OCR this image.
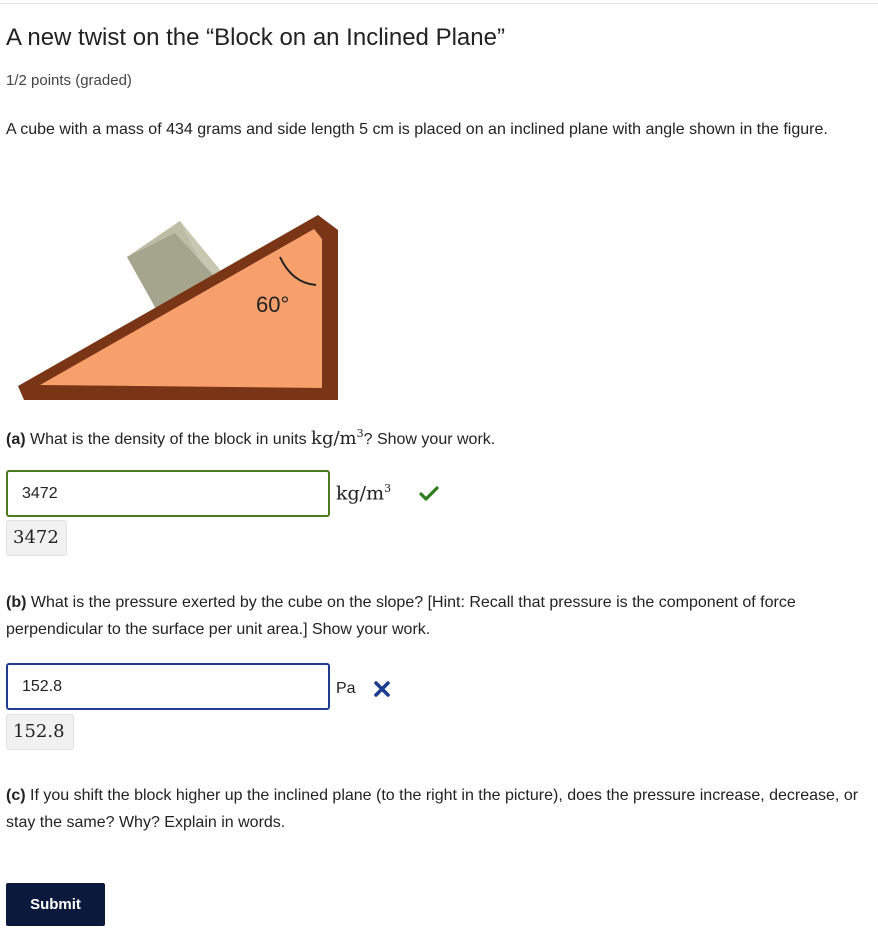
A new twist on the “Block on an Inclined Plane”
1/2 points (graded)
A cube with a mass of 434 grams and side length 5 cm is placed on an inclined plane with angle shown in the figure.
60°
(a) What is the density of the block in units $kg/m^3$? Show your work.
3472	$kg/m^3$
3472
(b) What is the pressure exerted by the cube on the slope? [Hint: Recall that pressure is the component of force perpendicular to the surface per unit area.] Show your work.
152.8	Pa
152.8
(c) If you shift the block higher up the inclined plane (to the right in the picture), does the pressure increase, decrease, or stay the same? Why? Explain in words.
Submit
